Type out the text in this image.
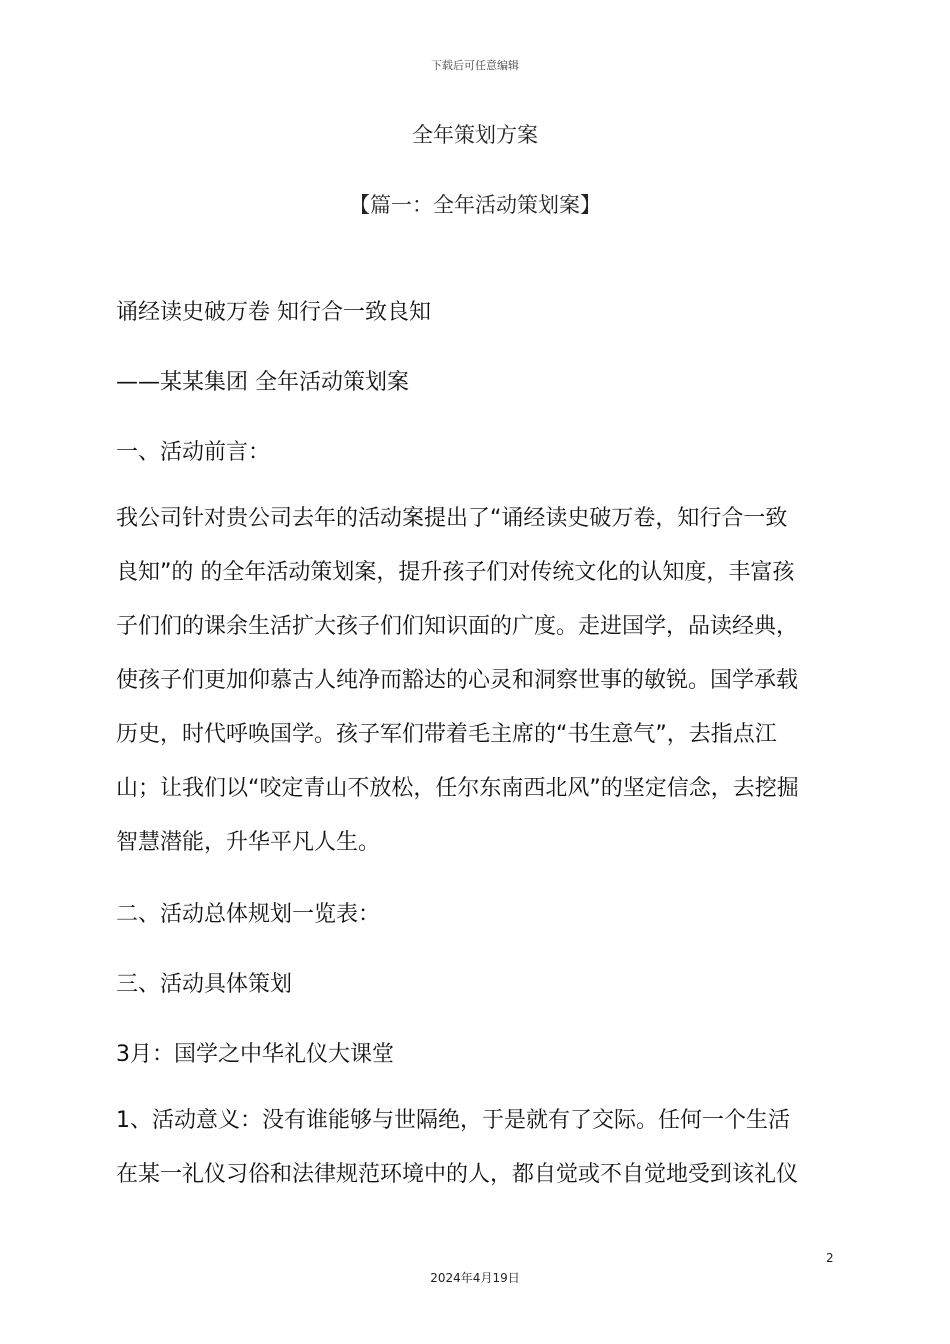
下载后可任意编辑
全年策划方案
【篇一：全年活动策划案】
诵经读史破万卷 知行合一致良知
——某某集团 全年活动策划案
一、活动前言：
我公司针对贵公司去年的活动案提出了“诵经读史破万卷，知行合一致
良知”的 的全年活动策划案，提升孩子们对传统文化的认知度，丰富孩
子们们的课余生活扩大孩子们们知识面的广度。走进国学，品读经典，
使孩子们更加仰慕古人纯净而豁达的心灵和洞察世事的敏锐。国学承载
历史，时代呼唤国学。孩子军们带着毛主席的“书生意气”，去指点江
山；让我们以“咬定青山不放松，任尔东南西北风”的坚定信念，去挖掘
智慧潜能，升华平凡人生。
二、活动总体规划一览表：
三、活动具体策划
3月：国学之中华礼仪大课堂
1、活动意义：没有谁能够与世隔绝，于是就有了交际。任何一个生活
在某一礼仪习俗和法律规范环境中的人，都自觉或不自觉地受到该礼仪
2
2024年4月19日
